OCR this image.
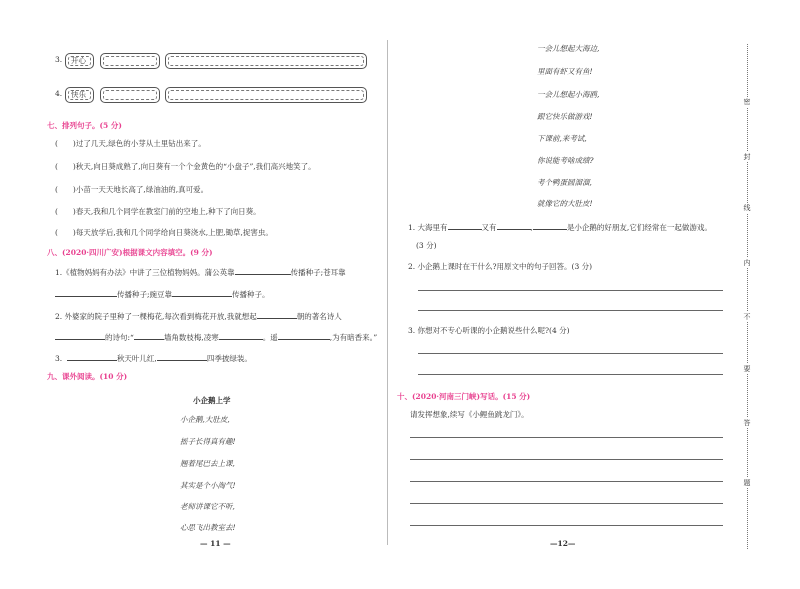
3. 开心
4. 快乐
七、排列句子。(5 分)
(　　)过了几天,绿色的小芽从土里钻出来了。
(　　)秋天,向日葵成熟了,向日葵有一个个金黄色的“小盘子”,我们高兴地笑了。
(　　)小苗一天天地长高了,绿油油的,真可爱。
(　　)春天,我和几个同学在教室门前的空地上,种下了向日葵。
(　　)每天放学后,我和几个同学给向日葵浇水,上肥,锄草,捉害虫。
八、(2020·四川广安)根据课文内容填空。(9 分)
1.《植物妈妈有办法》中讲了三位植物妈妈。蒲公英靠	传播种子;苍耳靠
传播种子;豌豆靠	传播种子。
2. 外婆家的院子里种了一棵梅花,每次看到梅花开放,我就想起	朝的著名诗人
的诗句:“	墙角数枝梅,凌寒	。遥	,为有暗香来。”
3.	秋天叶儿红,	四季披绿装。
九、课外阅读。(10 分)
小企鹅上学
小企鹅,大肚皮,
摇子长得真有趣!
翘着尾巴去上课,
其实是个小淘气!
老师讲课它不听,
心思飞出教室去!
— 11 —
一会儿想起大海边,
里面有虾又有鱼!
一会儿想起小海鸥,
跟它快乐做游戏!
下课前,来考试,
你说能考啥成绩?
考个鸭蛋圆溜溜,
就像它的大肚皮!
1. 大海里有	又有	,	是小企鹅的好朋友,它们经常在一起做游戏。
(3 分)
2. 小企鹅上课时在干什么?用原文中的句子回答。(3 分)
3. 你想对不专心听课的小企鹅说些什么呢?(4 分)
十、(2020·河南三门峡)写话。(15 分)
请发挥想象,续写《小鲤鱼跳龙门》。
—12—
密
封
线
内
不
要
答
题
